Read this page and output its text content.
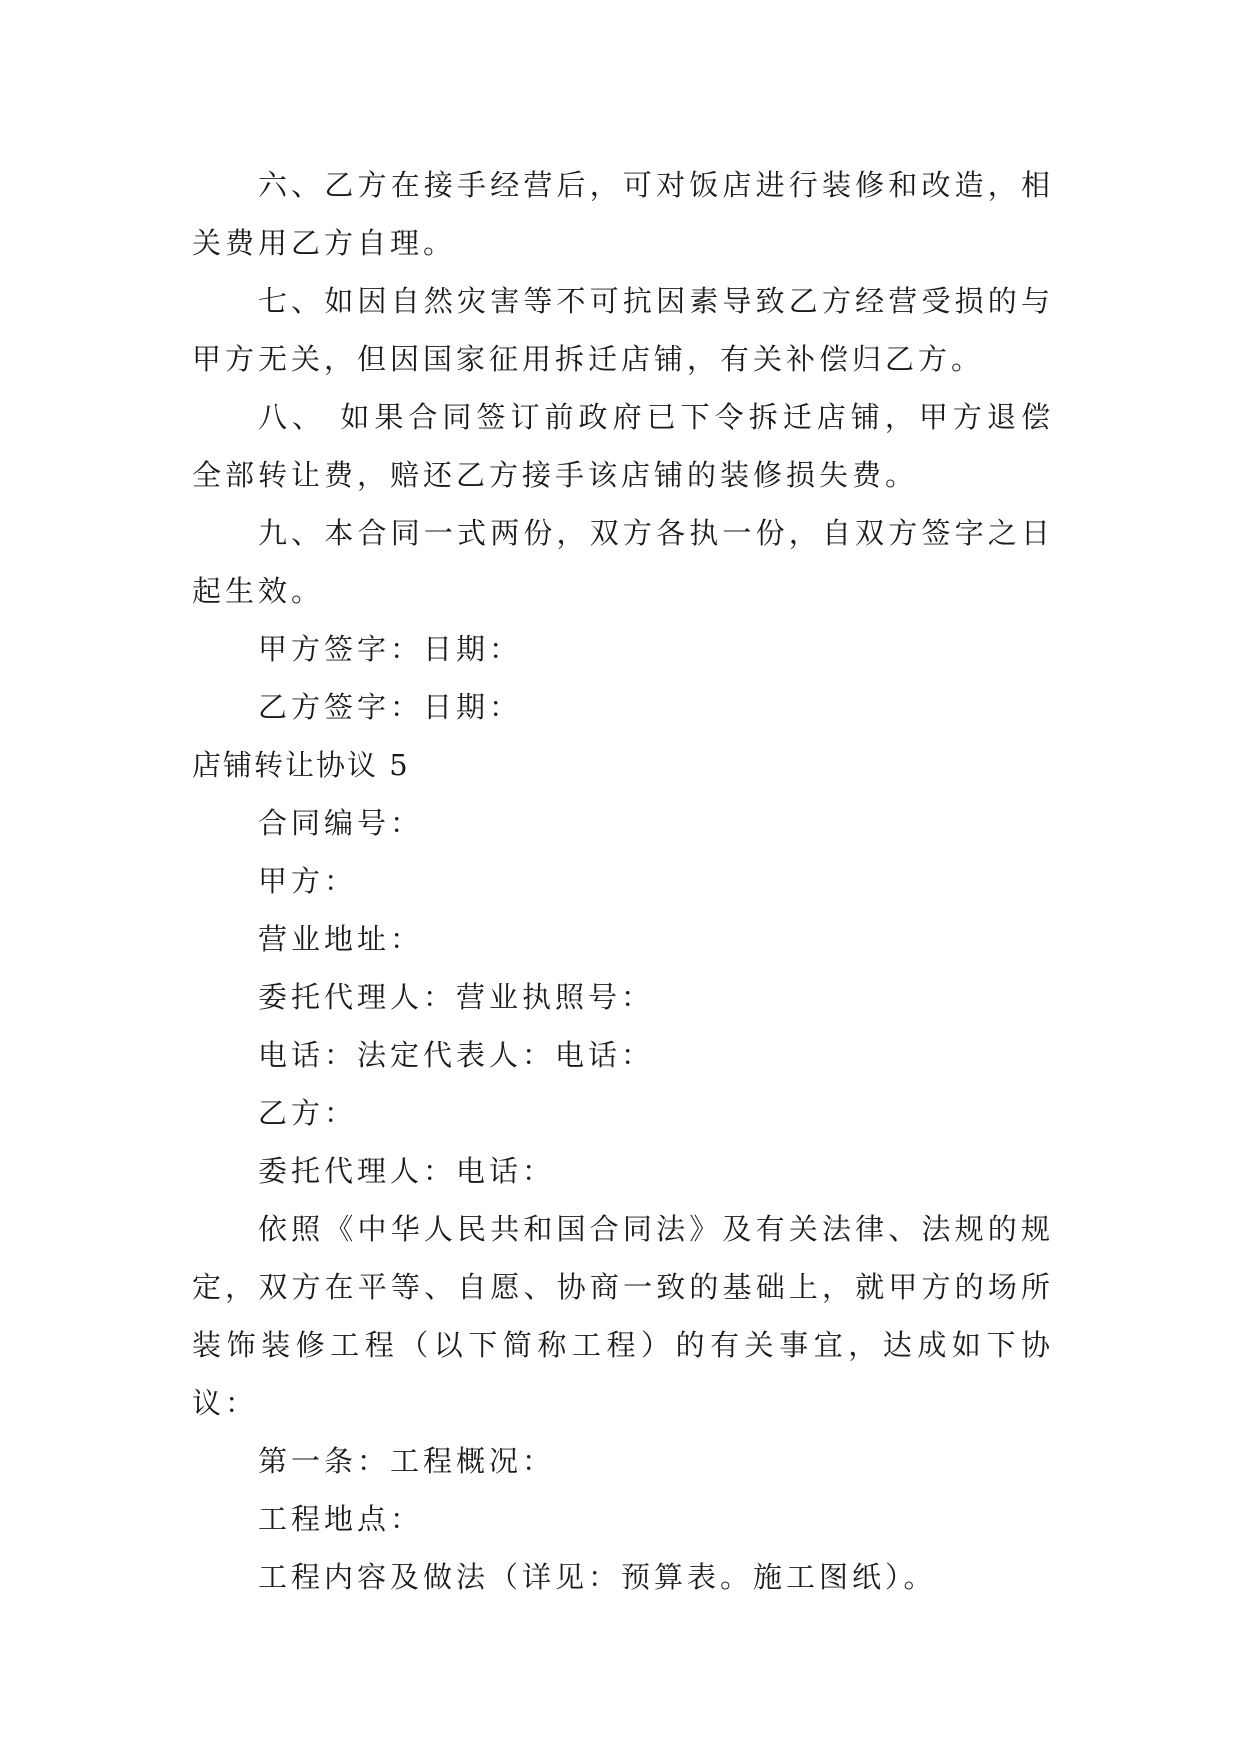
六、乙方在接手经营后，可对饭店进行装修和改造，相关费用乙方自理。

七、如因自然灾害等不可抗因素导致乙方经营受损的与甲方无关，但因国家征用拆迁店铺，有关补偿归乙方。

八、 如果合同签订前政府已下令拆迁店铺，甲方退偿全部转让费，赔还乙方接手该店铺的装修损失费。

九、本合同一式两份，双方各执一份，自双方签字之日起生效。

甲方签字：日期：

乙方签字：日期：

店铺转让协议 5

合同编号：

甲方：

营业地址：

委托代理人：营业执照号：

电话：法定代表人：电话：

乙方：

委托代理人：电话：

依照《中华人民共和国合同法》及有关法律、法规的规定，双方在平等、自愿、协商一致的基础上，就甲方的场所装饰装修工程（以下简称工程）的有关事宜，达成如下协议：

第一条：工程概况：

工程地点：

工程内容及做法（详见：预算表。施工图纸）。
